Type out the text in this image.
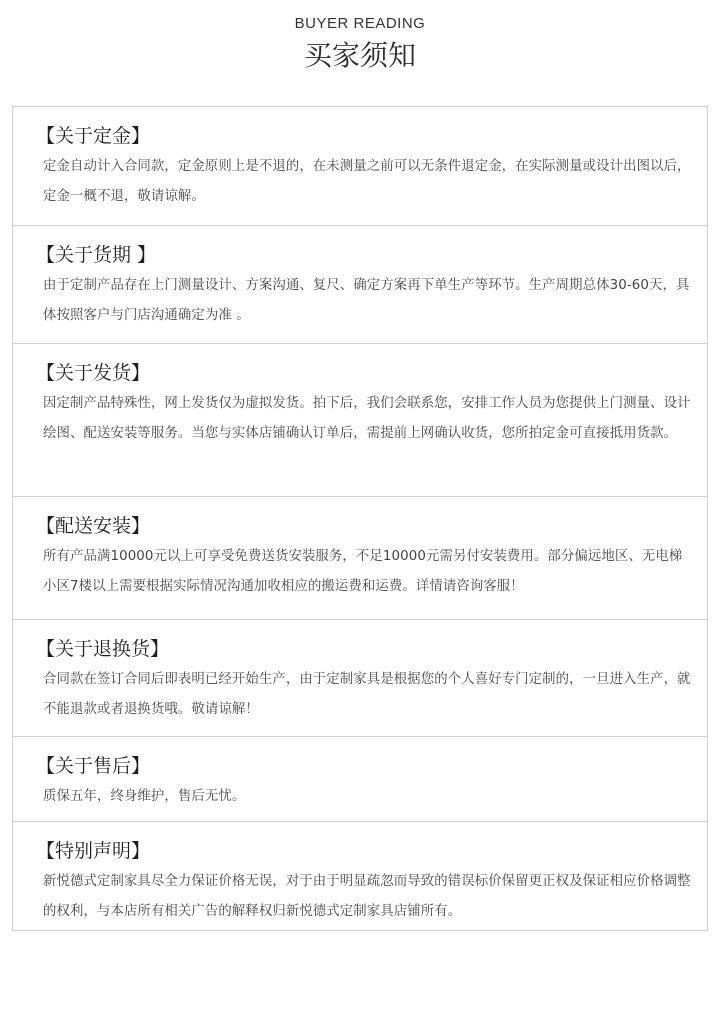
BUYER READING
买家须知
【关于定金】
定金自动计入合同款，定金原则上是不退的，在未测量之前可以无条件退定金，在实际测量或设计出图以后，定金一概不退，敬请谅解。
【关于货期 】
由于定制产品存在上门测量设计、方案沟通、复尺、确定方案再下单生产等环节。生产周期总体30-60天，具体按照客户与门店沟通确定为准 。
【关于发货】
因定制产品特殊性，网上发货仅为虚拟发货。拍下后，我们会联系您，安排工作人员为您提供上门测量、设计绘图、配送安装等服务。当您与实体店铺确认订单后，需提前上网确认收货，您所拍定金可直接抵用货款。
【配送安装】
所有产品满10000元以上可享受免费送货安装服务，不足10000元需另付安装费用。部分偏远地区、无电梯小区7楼以上需要根据实际情况沟通加收相应的搬运费和运费。详情请咨询客服！
【关于退换货】
合同款在签订合同后即表明已经开始生产，由于定制家具是根据您的个人喜好专门定制的，一旦进入生产，就不能退款或者退换货哦。敬请谅解！
【关于售后】
质保五年，终身维护，售后无忧。
【特别声明】
新悦德式定制家具尽全力保证价格无误，对于由于明显疏忽而导致的错误标价保留更正权及保证相应价格调整的权利，与本店所有相关广告的解释权归新悦德式定制家具店铺所有。
